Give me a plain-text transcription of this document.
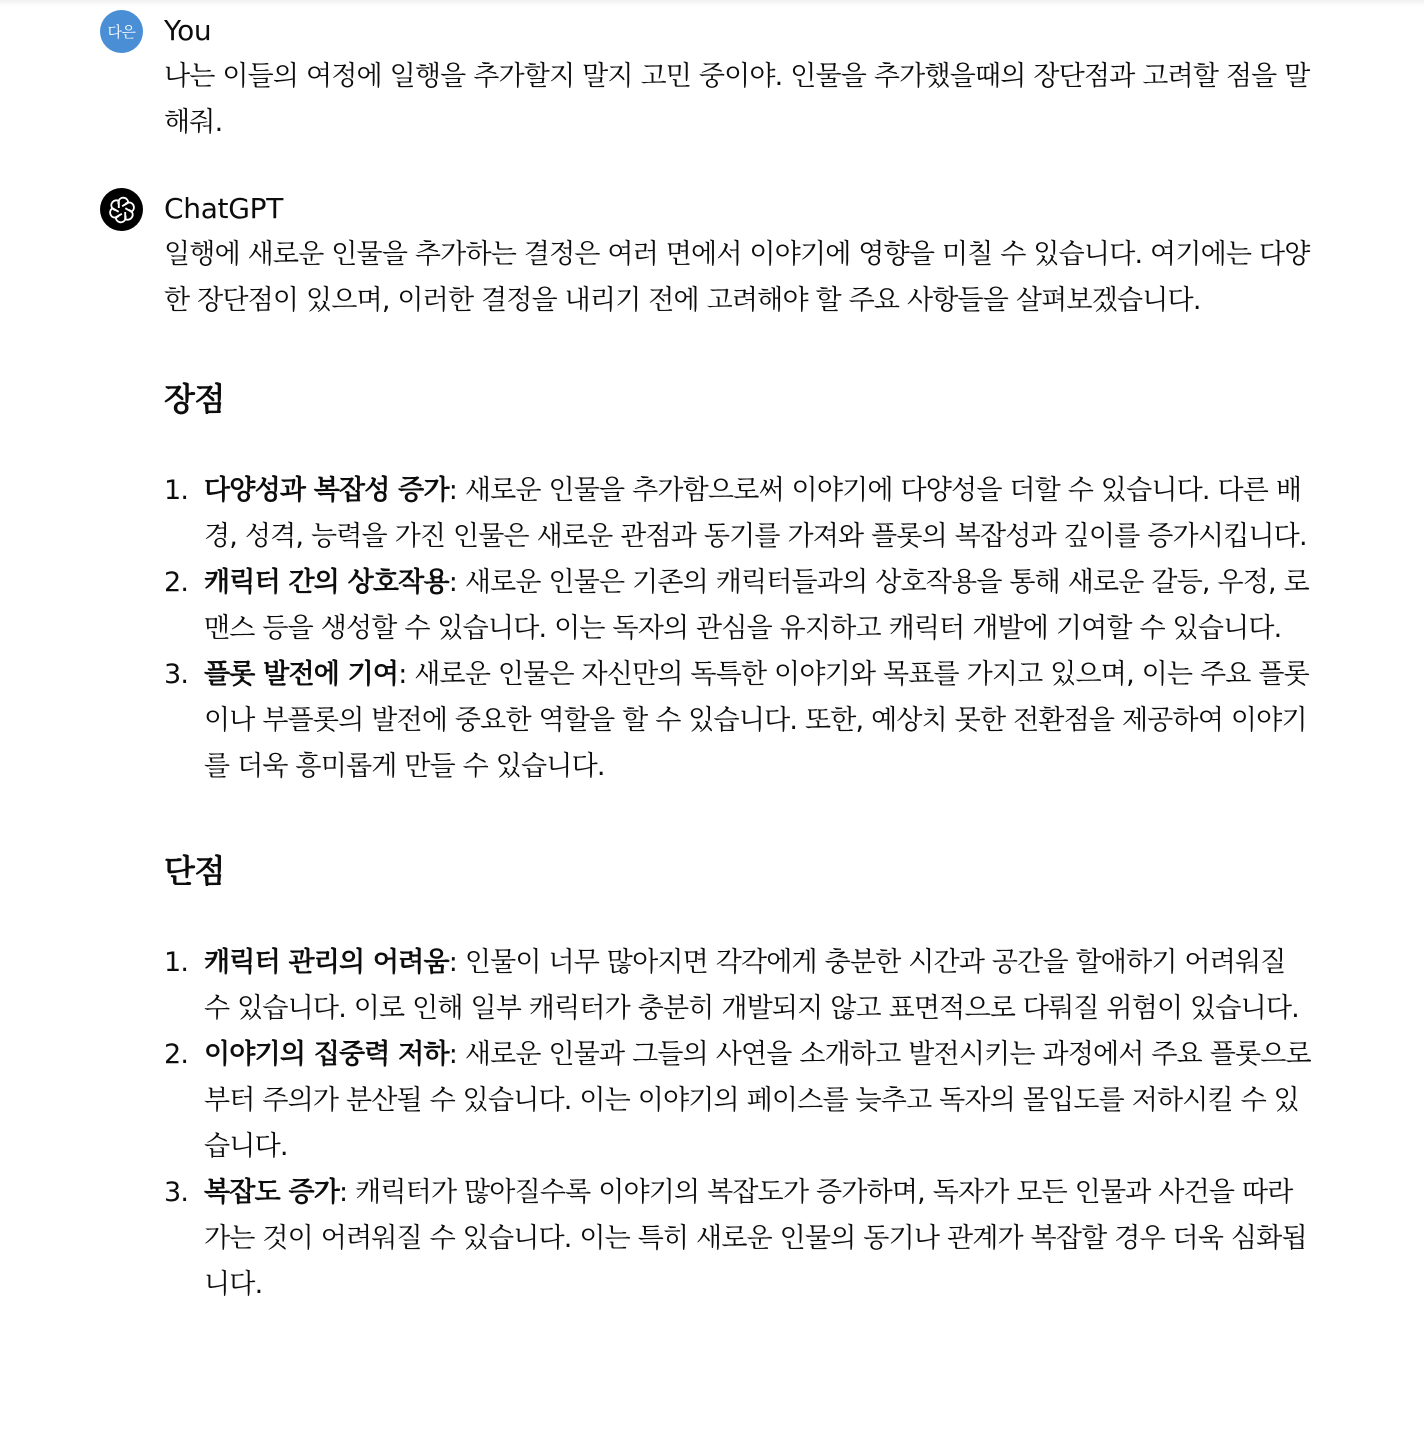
다은 You

나는 이들의 여정에 일행을 추가할지 말지 고민 중이야. 인물을 추가했을때의 장단점과 고려할 점을 말해줘.

ChatGPT

일행에 새로운 인물을 추가하는 결정은 여러 면에서 이야기에 영향을 미칠 수 있습니다. 여기에는 다양한 장단점이 있으며, 이러한 결정을 내리기 전에 고려해야 할 주요 사항들을 살펴보겠습니다.

장점
1. 다양성과 복잡성 증가: 새로운 인물을 추가함으로써 이야기에 다양성을 더할 수 있습니다. 다른 배경, 성격, 능력을 가진 인물은 새로운 관점과 동기를 가져와 플롯의 복잡성과 깊이를 증가시킵니다.
2. 캐릭터 간의 상호작용: 새로운 인물은 기존의 캐릭터들과의 상호작용을 통해 새로운 갈등, 우정, 로맨스 등을 생성할 수 있습니다. 이는 독자의 관심을 유지하고 캐릭터 개발에 기여할 수 있습니다.
3. 플롯 발전에 기여: 새로운 인물은 자신만의 독특한 이야기와 목표를 가지고 있으며, 이는 주요 플롯이나 부플롯의 발전에 중요한 역할을 할 수 있습니다. 또한, 예상치 못한 전환점을 제공하여 이야기를 더욱 흥미롭게 만들 수 있습니다.
단점
1. 캐릭터 관리의 어려움: 인물이 너무 많아지면 각각에게 충분한 시간과 공간을 할애하기 어려워질 수 있습니다. 이로 인해 일부 캐릭터가 충분히 개발되지 않고 표면적으로 다뤄질 위험이 있습니다.
2. 이야기의 집중력 저하: 새로운 인물과 그들의 사연을 소개하고 발전시키는 과정에서 주요 플롯으로부터 주의가 분산될 수 있습니다. 이는 이야기의 페이스를 늦추고 독자의 몰입도를 저하시킬 수 있습니다.
3. 복잡도 증가: 캐릭터가 많아질수록 이야기의 복잡도가 증가하며, 독자가 모든 인물과 사건을 따라가는 것이 어려워질 수 있습니다. 이는 특히 새로운 인물의 동기나 관계가 복잡할 경우 더욱 심화됩니다.
